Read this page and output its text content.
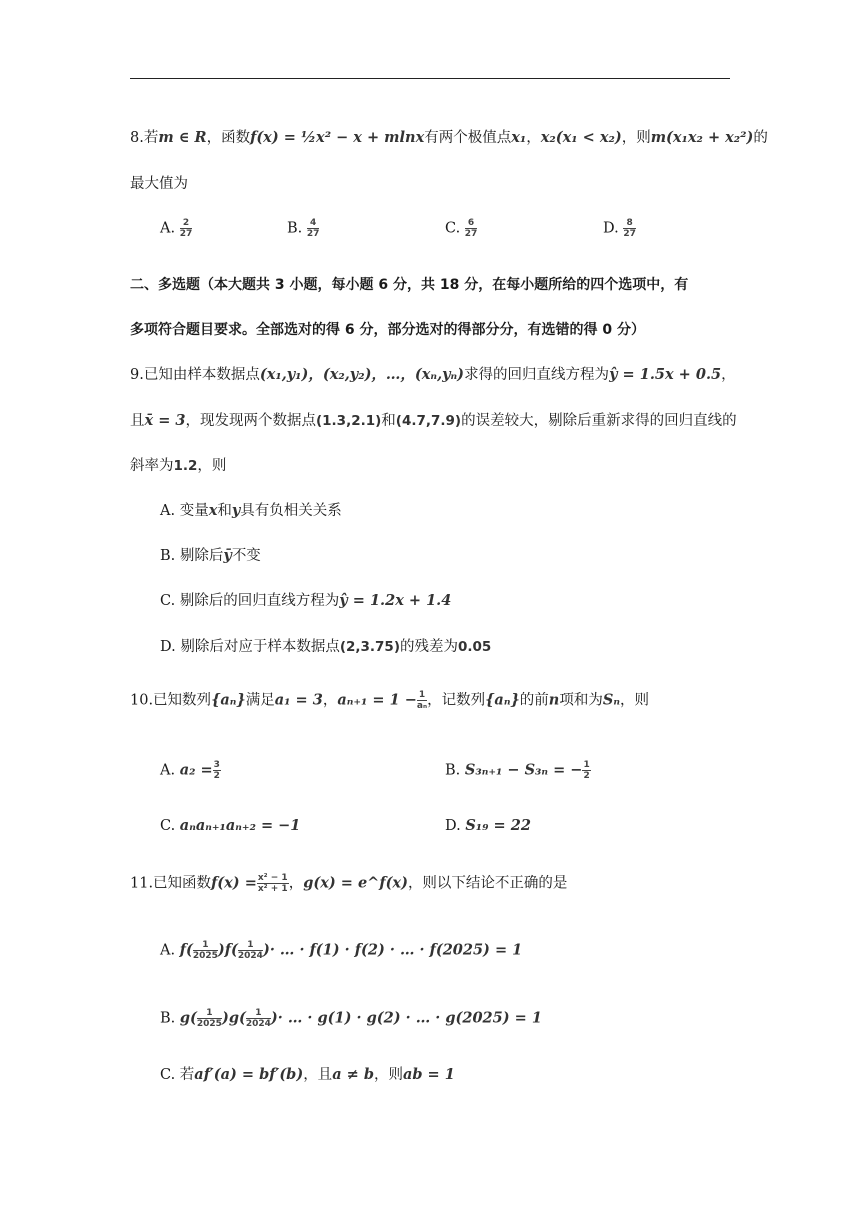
8.若m ∈ R，函数f(x) = ½x² − x + mlnx有两个极值点x₁，x₂(x₁ < x₂)，则m(x₁x₂ + x₂²)的
最大值为
A. $\frac{2}{27}$	B. $\frac{4}{27}$	C. $\frac{6}{27}$	D. $\frac{8}{27}$
二、多选题（本大题共 3 小题，每小题 6 分，共 18 分，在每小题所给的四个选项中，有
多项符合题目要求。全部选对的得 6 分，部分选对的得部分分，有选错的得 0 分）
9.已知由样本数据点(x₁,y₁)，(x₂,y₂)，…，(xₙ,yₙ)求得的回归直线方程为ŷ = 1.5x + 0.5，
且x̄ = 3，现发现两个数据点(1.3,2.1)和(4.7,7.9)的误差较大，剔除后重新求得的回归直线的
斜率为1.2，则
A. 变量x和y具有负相关关系
B. 剔除后ȳ不变
C. 剔除后的回归直线方程为ŷ = 1.2x + 1.4
D. 剔除后对应于样本数据点(2,3.75)的残差为0.05
10.已知数列{aₙ}满足a₁ = 3，$a_{n+1} = 1 - \frac{1}{\text{aₙ}}$ ，记数列{aₙ}的前n项和为Sₙ，则
A. $a_2 = \frac{3}{2}$	B. S₃ₙ₊₁ − S₃ₙ = − $\frac{1}{2}$
C. aₙaₙ₊₁aₙ₊₂ = −1	D. S₁₉ = 22
11.已知函数$f(x) = \frac{\text{x² − 1}}{\text{x² + 1}}$ ，g(x) = e^f(x)，则以下结论不正确的是
A. $f( \frac{1}{2025} )f( \frac{1}{2024}$ )· … · f(1) · f(2) · … · f(2025) = 1
B. $g( \frac{1}{2025} )g( \frac{1}{2024}$ )· … · g(1) · g(2) · … · g(2025) = 1
C. 若af′(a) = bf′(b)，且a ≠ b，则ab = 1
